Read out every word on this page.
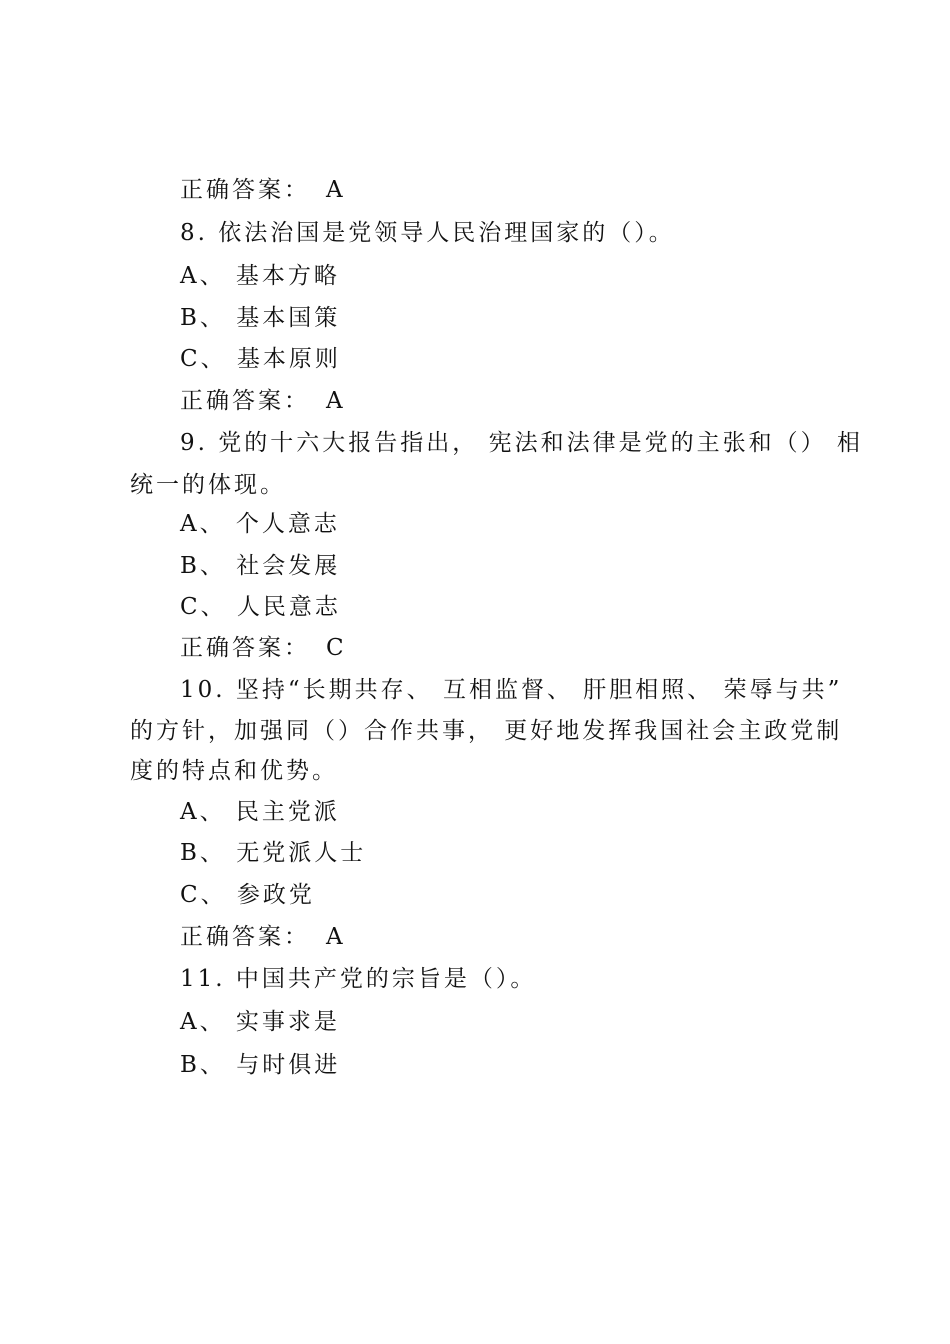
正确答案： A
8. 依法治国是党领导人民治理国家的（）。
A、 基本方略
B、 基本国策
C、 基本原则
正确答案： A
9. 党的十六大报告指出， 宪法和法律是党的主张和（） 相
统一的体现。
A、 个人意志
B、 社会发展
C、 人民意志
正确答案： C
10. 坚持“长期共存、 互相监督、 肝胆相照、 荣辱与共”
的方针，加强同（）合作共事， 更好地发挥我国社会主政党制
度的特点和优势。
A、 民主党派
B、 无党派人士
C、 参政党
正确答案： A
11. 中国共产党的宗旨是（）。
A、 实事求是
B、 与时俱进
